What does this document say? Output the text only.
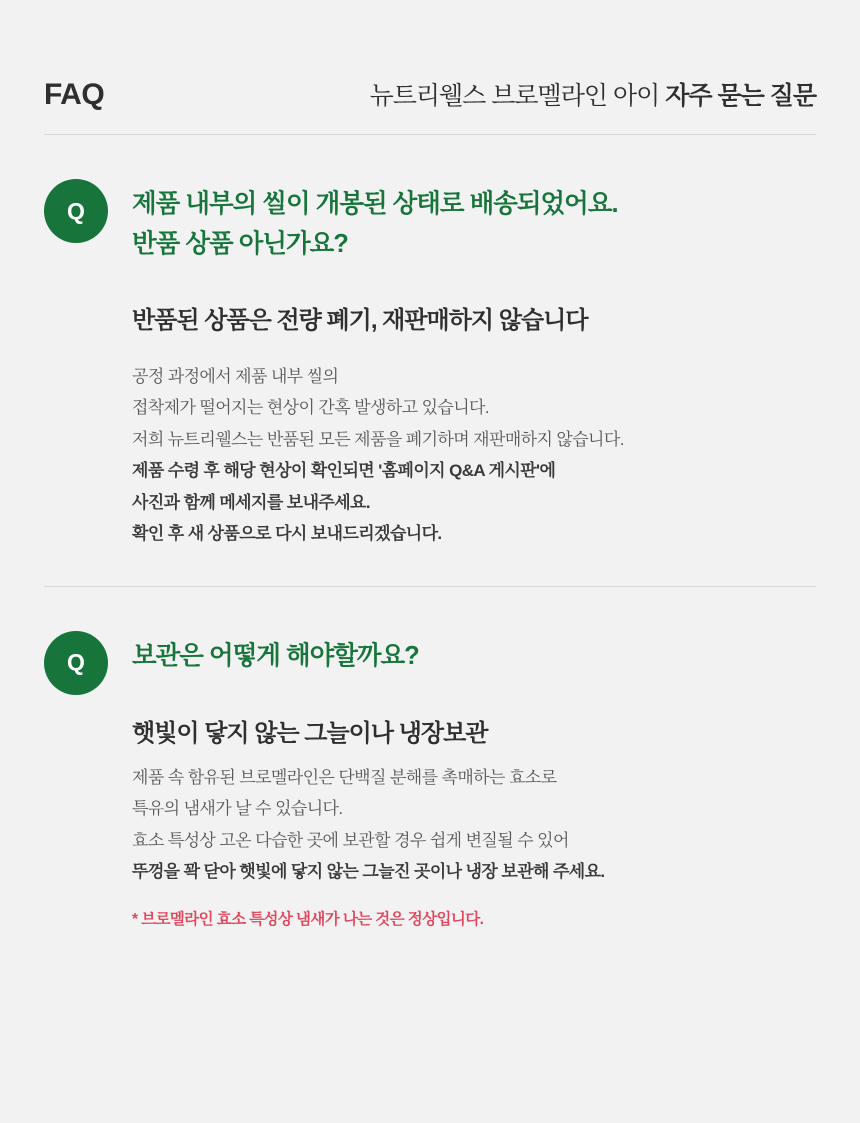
FAQ	뉴트리웰스 브로멜라인 아이 자주 묻는 질문
Q	제품 내부의 씰이 개봉된 상태로 배송되었어요.
반품 상품 아닌가요?
반품된 상품은 전량 폐기, 재판매하지 않습니다
공정 과정에서 제품 내부 씰의
접착제가 떨어지는 현상이 간혹 발생하고 있습니다.
저희 뉴트리웰스는 반품된 모든 제품을 폐기하며 재판매하지 않습니다.
제품 수령 후 해당 현상이 확인되면 '홈페이지 Q&A 게시판'에
사진과 함께 메세지를 보내주세요.
확인 후 새 상품으로 다시 보내드리겠습니다.
Q	보관은 어떻게 해야할까요?
햇빛이 닿지 않는 그늘이나 냉장보관
제품 속 함유된 브로멜라인은 단백질 분해를 촉매하는 효소로
특유의 냄새가 날 수 있습니다.
효소 특성상 고온 다습한 곳에 보관할 경우 쉽게 변질될 수 있어
뚜껑을 꽉 닫아 햇빛에 닿지 않는 그늘진 곳이나 냉장 보관해 주세요.
* 브로멜라인 효소 특성상 냄새가 나는 것은 정상입니다.
